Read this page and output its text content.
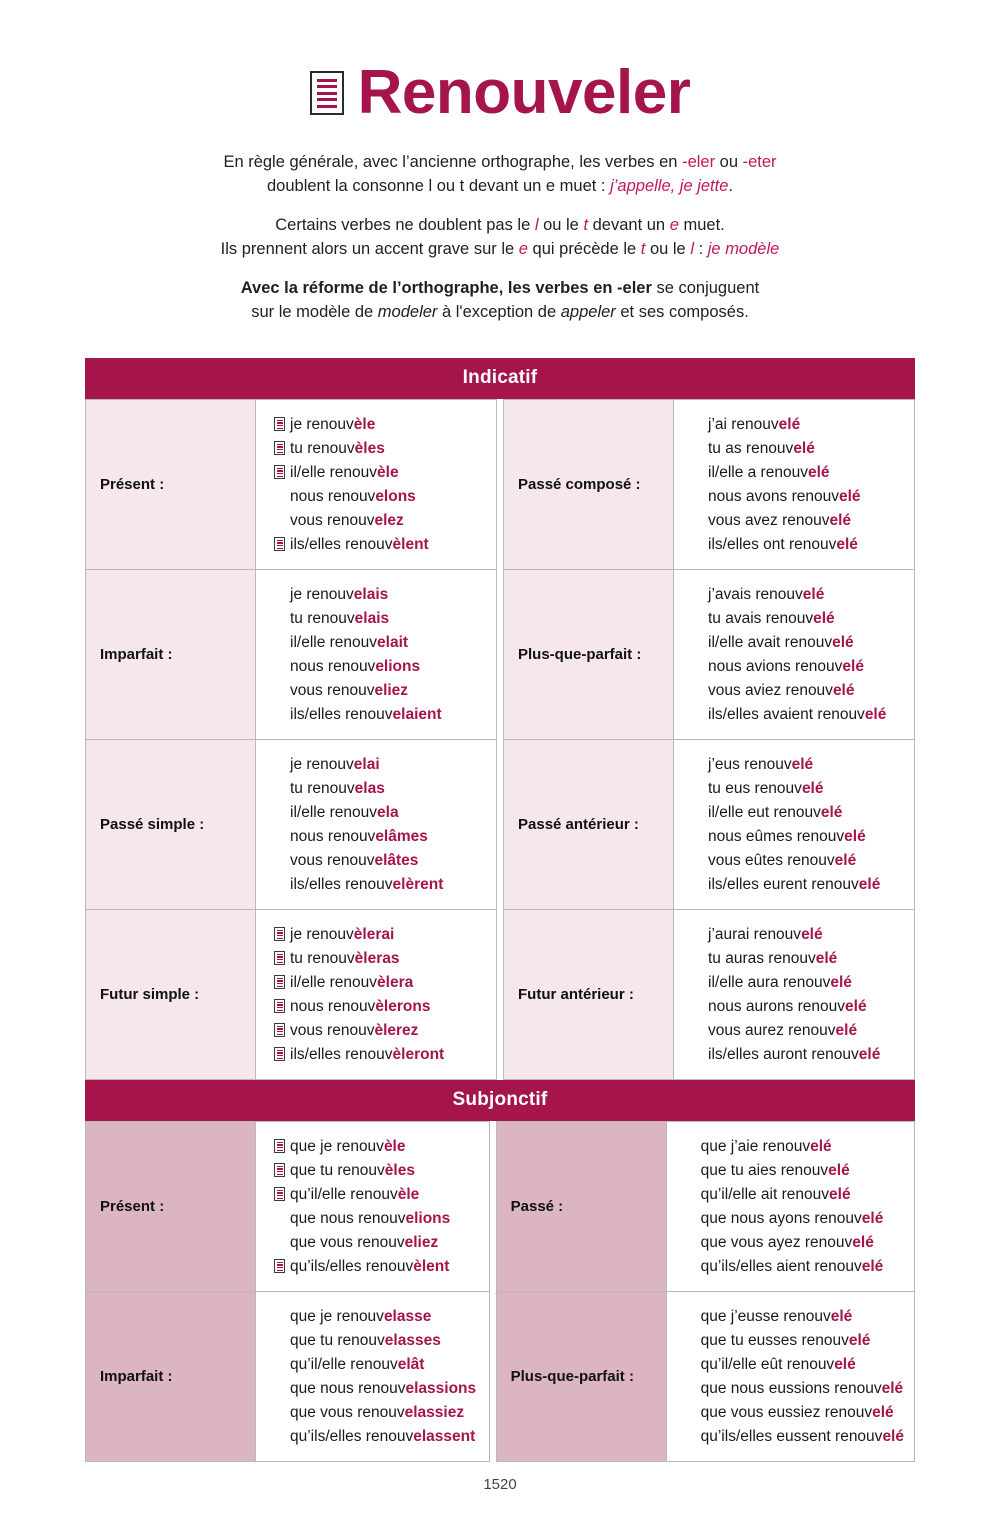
Renouveler

En règle générale, avec l’ancienne orthographe, les verbes en -eler ou -eter
doublent la consonne l ou t devant un e muet : j’appelle, je jette.

Certains verbes ne doublent pas le l ou le t devant un e muet.
Ils prennent alors un accent grave sur le e qui précède le t ou le l : je modèle

Avec la réforme de l’orthographe, les verbes en -eler se conjuguent
sur le modèle de modeler à l'exception de appeler et ses composés.

Indicatif
Présent :
je renouvèle
tu renouvèles
il/elle renouvèle
nous renouvelons
vous renouvelez
ils/elles renouvèlent
Imparfait :
je renouvelais
tu renouvelais
il/elle renouvelait
nous renouvelions
vous renouveliez
ils/elles renouvelaient
Passé simple :
je renouvelai
tu renouvelas
il/elle renouvela
nous renouvelâmes
vous renouvelâtes
ils/elles renouvelèrent
Futur simple :
je renouvèlerai
tu renouvèleras
il/elle renouvèlera
nous renouvèlerons
vous renouvèlerez
ils/elles renouvèleront
Passé composé :
j’ai renouvelé
tu as renouvelé
il/elle a renouvelé
nous avons renouvelé
vous avez renouvelé
ils/elles ont renouvelé
Plus-que-parfait :
j’avais renouvelé
tu avais renouvelé
il/elle avait renouvelé
nous avions renouvelé
vous aviez renouvelé
ils/elles avaient renouvelé
Passé antérieur :
j’eus renouvelé
tu eus renouvelé
il/elle eut renouvelé
nous eûmes renouvelé
vous eûtes renouvelé
ils/elles eurent renouvelé
Futur antérieur :
j’aurai renouvelé
tu auras renouvelé
il/elle aura renouvelé
nous aurons renouvelé
vous aurez renouvelé
ils/elles auront renouvelé
Subjonctif
Présent :
que je renouvèle
que tu renouvèles
qu’il/elle renouvèle
que nous renouvelions
que vous renouveliez
qu’ils/elles renouvèlent
Imparfait :
que je renouvelasse
que tu renouvelasses
qu’il/elle renouvelât
que nous renouvelassions
que vous renouvelassiez
qu’ils/elles renouvelassent
Passé :
que j’aie renouvelé
que tu aies renouvelé
qu’il/elle ait renouvelé
que nous ayons renouvelé
que vous ayez renouvelé
qu’ils/elles aient renouvelé
Plus-que-parfait :
que j’eusse renouvelé
que tu eusses renouvelé
qu’il/elle eût renouvelé
que nous eussions renouvelé
que vous eussiez renouvelé
qu’ils/elles eussent renouvelé
1520
